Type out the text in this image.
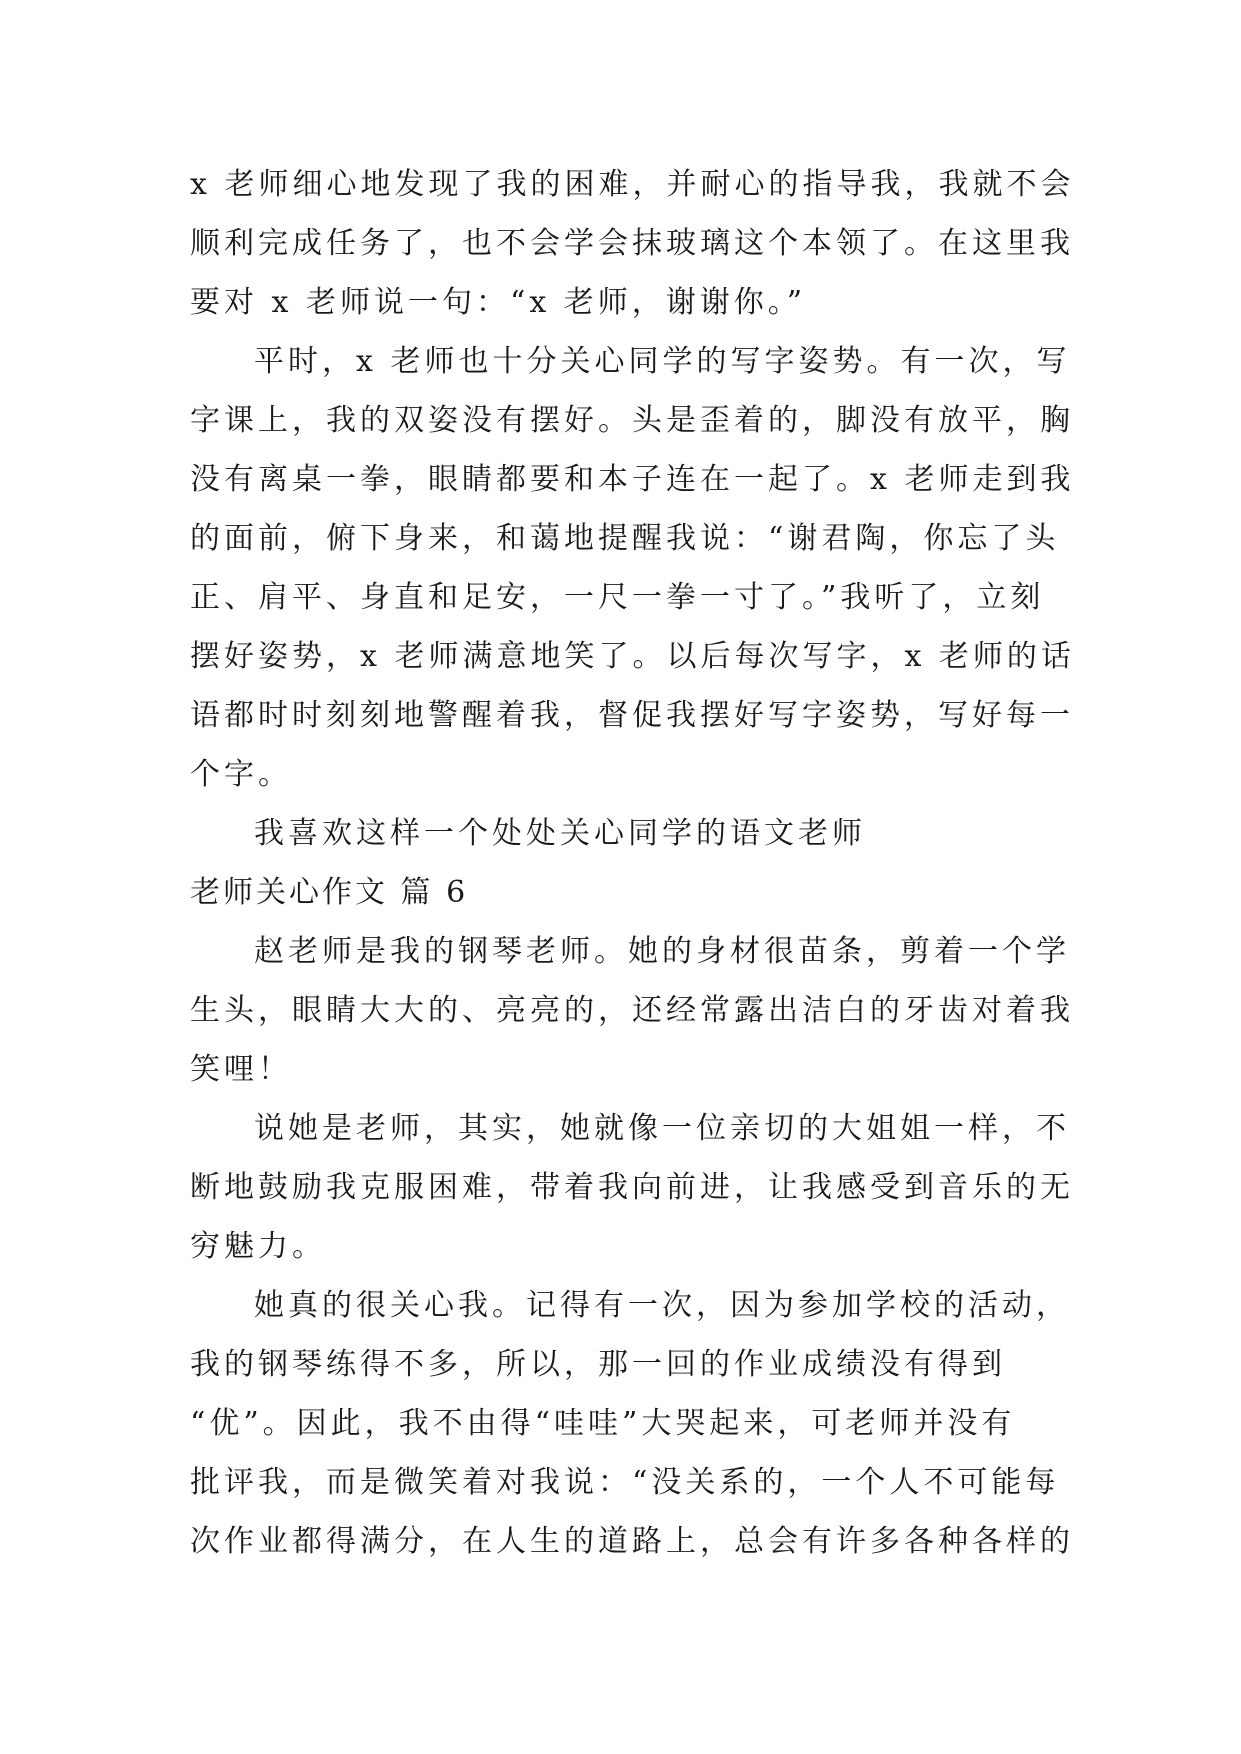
x 老师细心地发现了我的困难，并耐心的指导我，我就不会
顺利完成任务了，也不会学会抹玻璃这个本领了。在这里我
要对 x 老师说一句：“x 老师，谢谢你。”
平时，x 老师也十分关心同学的写字姿势。有一次，写
字课上，我的双姿没有摆好。头是歪着的，脚没有放平，胸
没有离桌一拳，眼睛都要和本子连在一起了。x 老师走到我
的面前，俯下身来，和蔼地提醒我说：“谢君陶，你忘了头
正、肩平、身直和足安，一尺一拳一寸了。”我听了，立刻
摆好姿势，x 老师满意地笑了。以后每次写字，x 老师的话
语都时时刻刻地警醒着我，督促我摆好写字姿势，写好每一
个字。
我喜欢这样一个处处关心同学的语文老师
老师关心作文 篇 6
赵老师是我的钢琴老师。她的身材很苗条，剪着一个学
生头，眼睛大大的、亮亮的，还经常露出洁白的牙齿对着我
笑哩！
说她是老师，其实，她就像一位亲切的大姐姐一样，不
断地鼓励我克服困难，带着我向前进，让我感受到音乐的无
穷魅力。
她真的很关心我。记得有一次，因为参加学校的活动，
我的钢琴练得不多，所以，那一回的作业成绩没有得到
“优”。因此，我不由得“哇哇”大哭起来，可老师并没有
批评我，而是微笑着对我说：“没关系的，一个人不可能每
次作业都得满分，在人生的道路上，总会有许多各种各样的
